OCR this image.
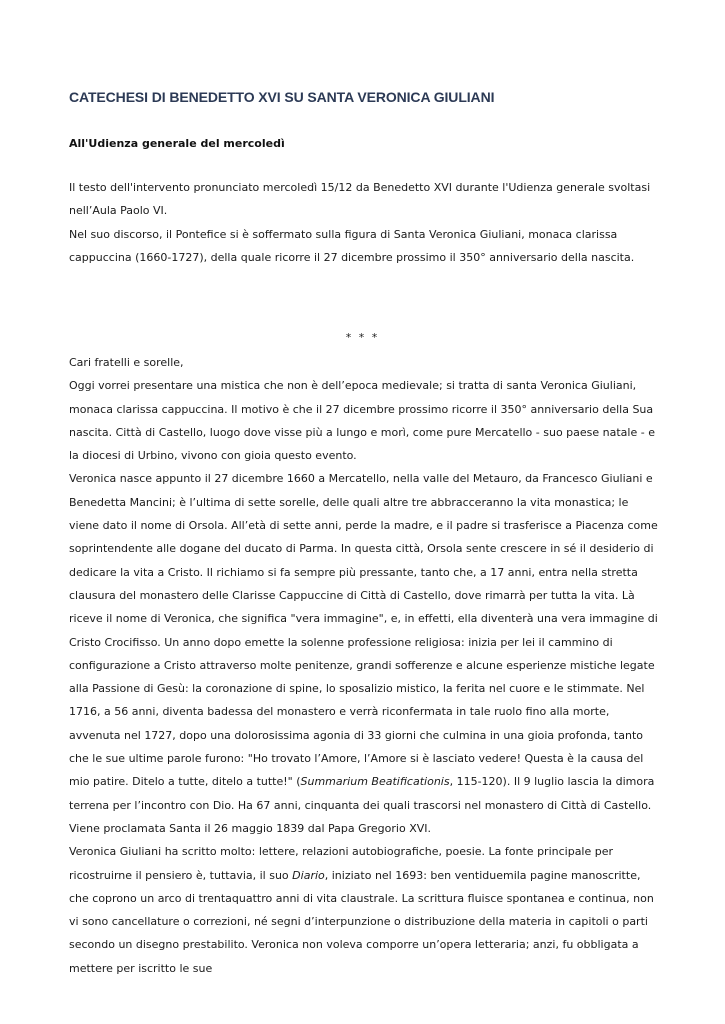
CATECHESI DI BENEDETTO XVI SU SANTA VERONICA GIULIANI

All'Udienza generale del mercoledì

Il testo dell'intervento pronunciato mercoledì 15/12 da Benedetto XVI durante l'Udienza generale svoltasi nell’Aula Paolo VI.

Nel suo discorso, il Pontefice si è soffermato sulla figura di Santa Veronica Giuliani, monaca clarissa cappuccina (1660-1727), della quale ricorre il 27 dicembre prossimo il 350° anniversario della nascita.

* * *

Cari fratelli e sorelle,

Oggi vorrei presentare una mistica che non è dell’epoca medievale; si tratta di santa Veronica Giuliani, monaca clarissa cappuccina. Il motivo è che il 27 dicembre prossimo ricorre il 350° anniversario della Sua nascita. Città di Castello, luogo dove visse più a lungo e morì, come pure Mercatello - suo paese natale - e la diocesi di Urbino, vivono con gioia questo evento.

Veronica nasce appunto il 27 dicembre 1660 a Mercatello, nella valle del Metauro, da Francesco Giuliani e Benedetta Mancini; è l’ultima di sette sorelle, delle quali altre tre abbracceranno la vita monastica; le viene dato il nome di Orsola. All’età di sette anni, perde la madre, e il padre si trasferisce a Piacenza come soprintendente alle dogane del ducato di Parma. In questa città, Orsola sente crescere in sé il desiderio di dedicare la vita a Cristo. Il richiamo si fa sempre più pressante, tanto che, a 17 anni, entra nella stretta clausura del monastero delle Clarisse Cappuccine di Città di Castello, dove rimarrà per tutta la vita. Là riceve il nome di Veronica, che significa "vera immagine", e, in effetti, ella diventerà una vera immagine di Cristo Crocifisso. Un anno dopo emette la solenne professione religiosa: inizia per lei il cammino di configurazione a Cristo attraverso molte penitenze, grandi sofferenze e alcune esperienze mistiche legate alla Passione di Gesù: la coronazione di spine, lo sposalizio mistico, la ferita nel cuore e le stimmate. Nel 1716, a 56 anni, diventa badessa del monastero e verrà riconfermata in tale ruolo fino alla morte, avvenuta nel 1727, dopo una dolorosissima agonia di 33 giorni che culmina in una gioia profonda, tanto che le sue ultime parole furono: "Ho trovato l’Amore, l’Amore si è lasciato vedere! Questa è la causa del mio patire. Ditelo a tutte, ditelo a tutte!" (Summarium Beatificationis, 115-120). Il 9 luglio lascia la dimora terrena per l’incontro con Dio. Ha 67 anni, cinquanta dei quali trascorsi nel monastero di Città di Castello. Viene proclamata Santa il 26 maggio 1839 dal Papa Gregorio XVI.

Veronica Giuliani ha scritto molto: lettere, relazioni autobiografiche, poesie. La fonte principale per ricostruirne il pensiero è, tuttavia, il suo Diario, iniziato nel 1693: ben ventiduemila pagine manoscritte, che coprono un arco di trentaquattro anni di vita claustrale. La scrittura fluisce spontanea e continua, non vi sono cancellature o correzioni, né segni d’interpunzione o distribuzione della materia in capitoli o parti secondo un disegno prestabilito. Veronica non voleva comporre un’opera letteraria; anzi, fu obbligata a mettere per iscritto le sue
